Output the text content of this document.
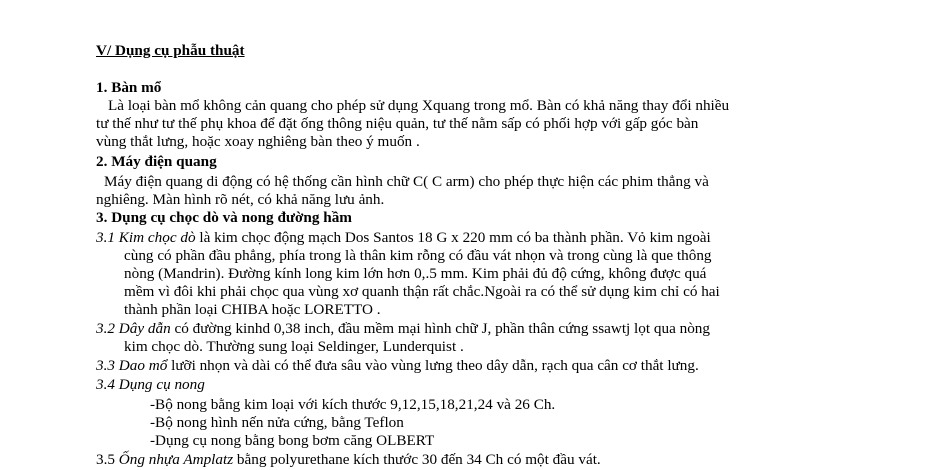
V/ Dụng cụ phẫu thuật
1. Bàn mổ
Là loại bàn mổ không cản quang cho phép sử dụng Xquang trong mổ. Bàn có khả năng thay đổi nhiều
tư thế như tư thế phụ khoa để đặt ống thông niệu quản, tư thế nằm sấp có phối hợp với gấp góc bàn
vùng thắt lưng, hoặc xoay nghiêng bàn theo ý muốn .
2. Máy điện quang
Máy điện quang di động có hệ thống cần hình chữ C( C arm) cho phép thực hiện các phim thẳng và
nghiêng. Màn hình rõ nét, có khả năng lưu ảnh.
3. Dụng cụ chọc dò và nong đường hầm
3.1 Kim chọc dò là kim chọc động mạch Dos Santos 18 G x 220 mm có ba thành phần. Vỏ kim ngoài
cùng có phần đầu phẳng, phía trong là thân kim rỗng có đầu vát nhọn và trong cùng là que thông
nòng (Mandrin). Đường kính long kim lớn hơn 0,.5 mm. Kim phải đủ độ cứng, không được quá
mềm vì đôi khi phải chọc qua vùng xơ quanh thận rất chắc.Ngoài ra có thể sử dụng kim chỉ có hai
thành phần loại CHIBA hoặc LORETTO .
3.2 Dây dẫn có đường kinhd 0,38 inch, đầu mềm mại hình chữ J, phần thân cứng ssawtj lọt qua nòng
kim chọc dò. Thường sung loại Seldinger, Lunderquist .
3.3 Dao mổ lưỡi nhọn và dài có thể đưa sâu vào vùng lưng theo dây dẫn, rạch qua cân cơ thắt lưng.
3.4 Dụng cụ nong
-Bộ nong bằng kim loại với kích thước 9,12,15,18,21,24 và 26 Ch.
-Bộ nong hình nến nửa cứng, bằng Teflon
-Dụng cụ nong bằng bong bơm căng OLBERT
3.5 Ống nhựa Amplatz bằng polyurethane kích thước 30 đến 34 Ch có một đầu vát.
